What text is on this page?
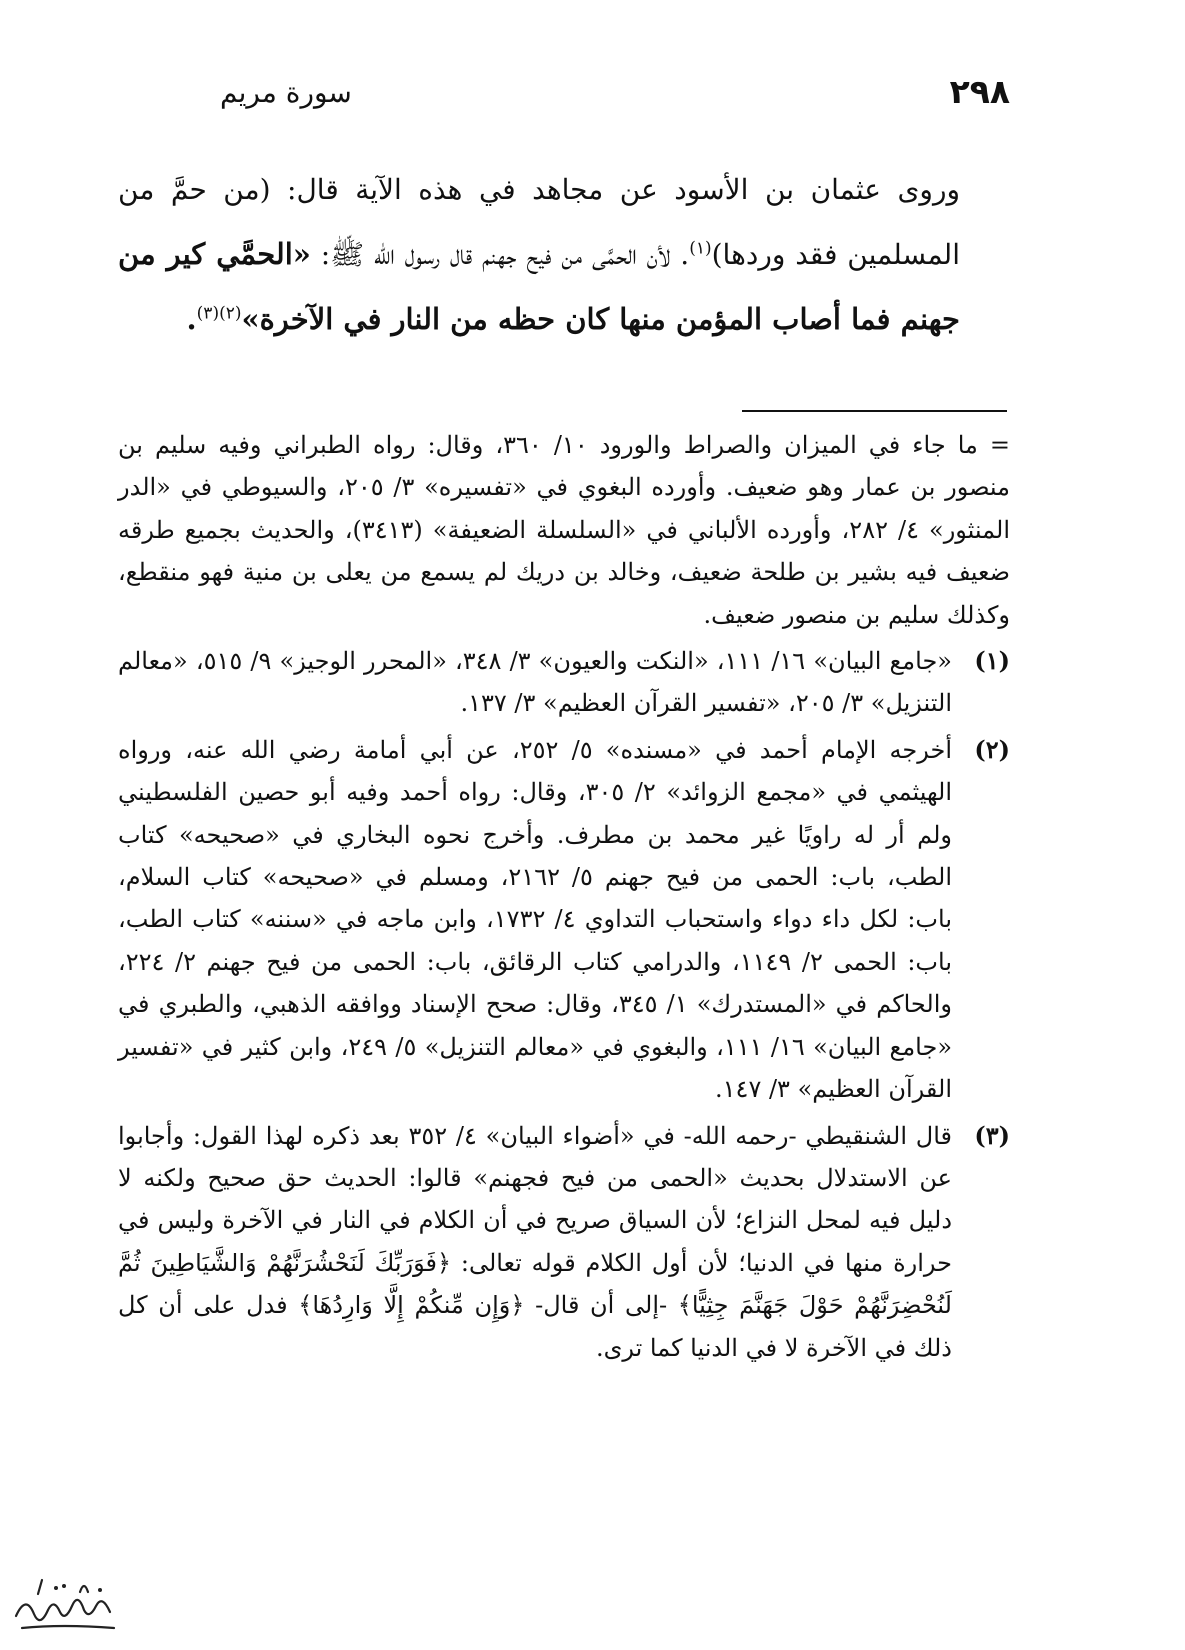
٢٩٨
سورة مريم

وروى عثمان بن الأسود عن مجاهد في هذه الآية قال: (من حمَّ من المسلمين فقد وردها)$^{(١)}$. لأن الحمَّى من فيح جهنم قال رسول الله ﷺ: «الحمَّي كير من جهنم فما أصاب المؤمن منها كان حظه من النار في الآخرة»$^{(٢)(٣)}$.

= ما جاء في الميزان والصراط والورود ١٠/ ٣٦٠، وقال: رواه الطبراني وفيه سليم بن منصور بن عمار وهو ضعيف. وأورده البغوي في «تفسيره» ٣/ ٢٠٥، والسيوطي في «الدر المنثور» ٤/ ٢٨٢، وأورده الألباني في «السلسلة الضعيفة» (٣٤١٣)، والحديث بجميع طرقه ضعيف فيه بشير بن طلحة ضعيف، وخالد بن دريك لم يسمع من يعلى بن منية فهو منقطع، وكذلك سليم بن منصور ضعيف.

(١)
«جامع البيان» ١٦/ ١١١، «النكت والعيون» ٣/ ٣٤٨، «المحرر الوجيز» ٩/ ٥١٥، «معالم التنزيل» ٣/ ٢٠٥، «تفسير القرآن العظيم» ٣/ ١٣٧.
(٢)
أخرجه الإمام أحمد في «مسنده» ٥/ ٢٥٢، عن أبي أمامة رضي الله عنه، ورواه الهيثمي في «مجمع الزوائد» ٢/ ٣٠٥، وقال: رواه أحمد وفيه أبو حصين الفلسطيني ولم أر له راويًا غير محمد بن مطرف. وأخرج نحوه البخاري في «صحيحه» كتاب الطب، باب: الحمى من فيح جهنم ٥/ ٢١٦٢، ومسلم في «صحيحه» كتاب السلام، باب: لكل داء دواء واستحباب التداوي ٤/ ١٧٣٢، وابن ماجه في «سننه» كتاب الطب، باب: الحمى ٢/ ١١٤٩، والدرامي كتاب الرقائق، باب: الحمى من فيح جهنم ٢/ ٢٢٤، والحاكم في «المستدرك» ١/ ٣٤٥، وقال: صحح الإسناد ووافقه الذهبي، والطبري في «جامع البيان» ١٦/ ١١١، والبغوي في «معالم التنزيل» ٥/ ٢٤٩، وابن كثير في «تفسير القرآن العظيم» ٣/ ١٤٧.
(٣)
قال الشنقيطي -رحمه الله- في «أضواء البيان» ٤/ ٣٥٢ بعد ذكره لهذا القول: وأجابوا عن الاستدلال بحديث «الحمى من فيح فجهنم» قالوا: الحديث حق صحيح ولكنه لا دليل فيه لمحل النزاع؛ لأن السياق صريح في أن الكلام في النار في الآخرة وليس في حرارة منها في الدنيا؛ لأن أول الكلام قوله تعالى: ﴿فَوَرَبِّكَ لَنَحْشُرَنَّهُمْ وَالشَّيَاطِينَ ثُمَّ لَنُحْضِرَنَّهُمْ حَوْلَ جَهَنَّمَ جِثِيًّا﴾ -إلى أن قال- ﴿وَإِن مِّنكُمْ إِلَّا وَارِدُهَا﴾ فدل على أن كل ذلك في الآخرة لا في الدنيا كما ترى.
